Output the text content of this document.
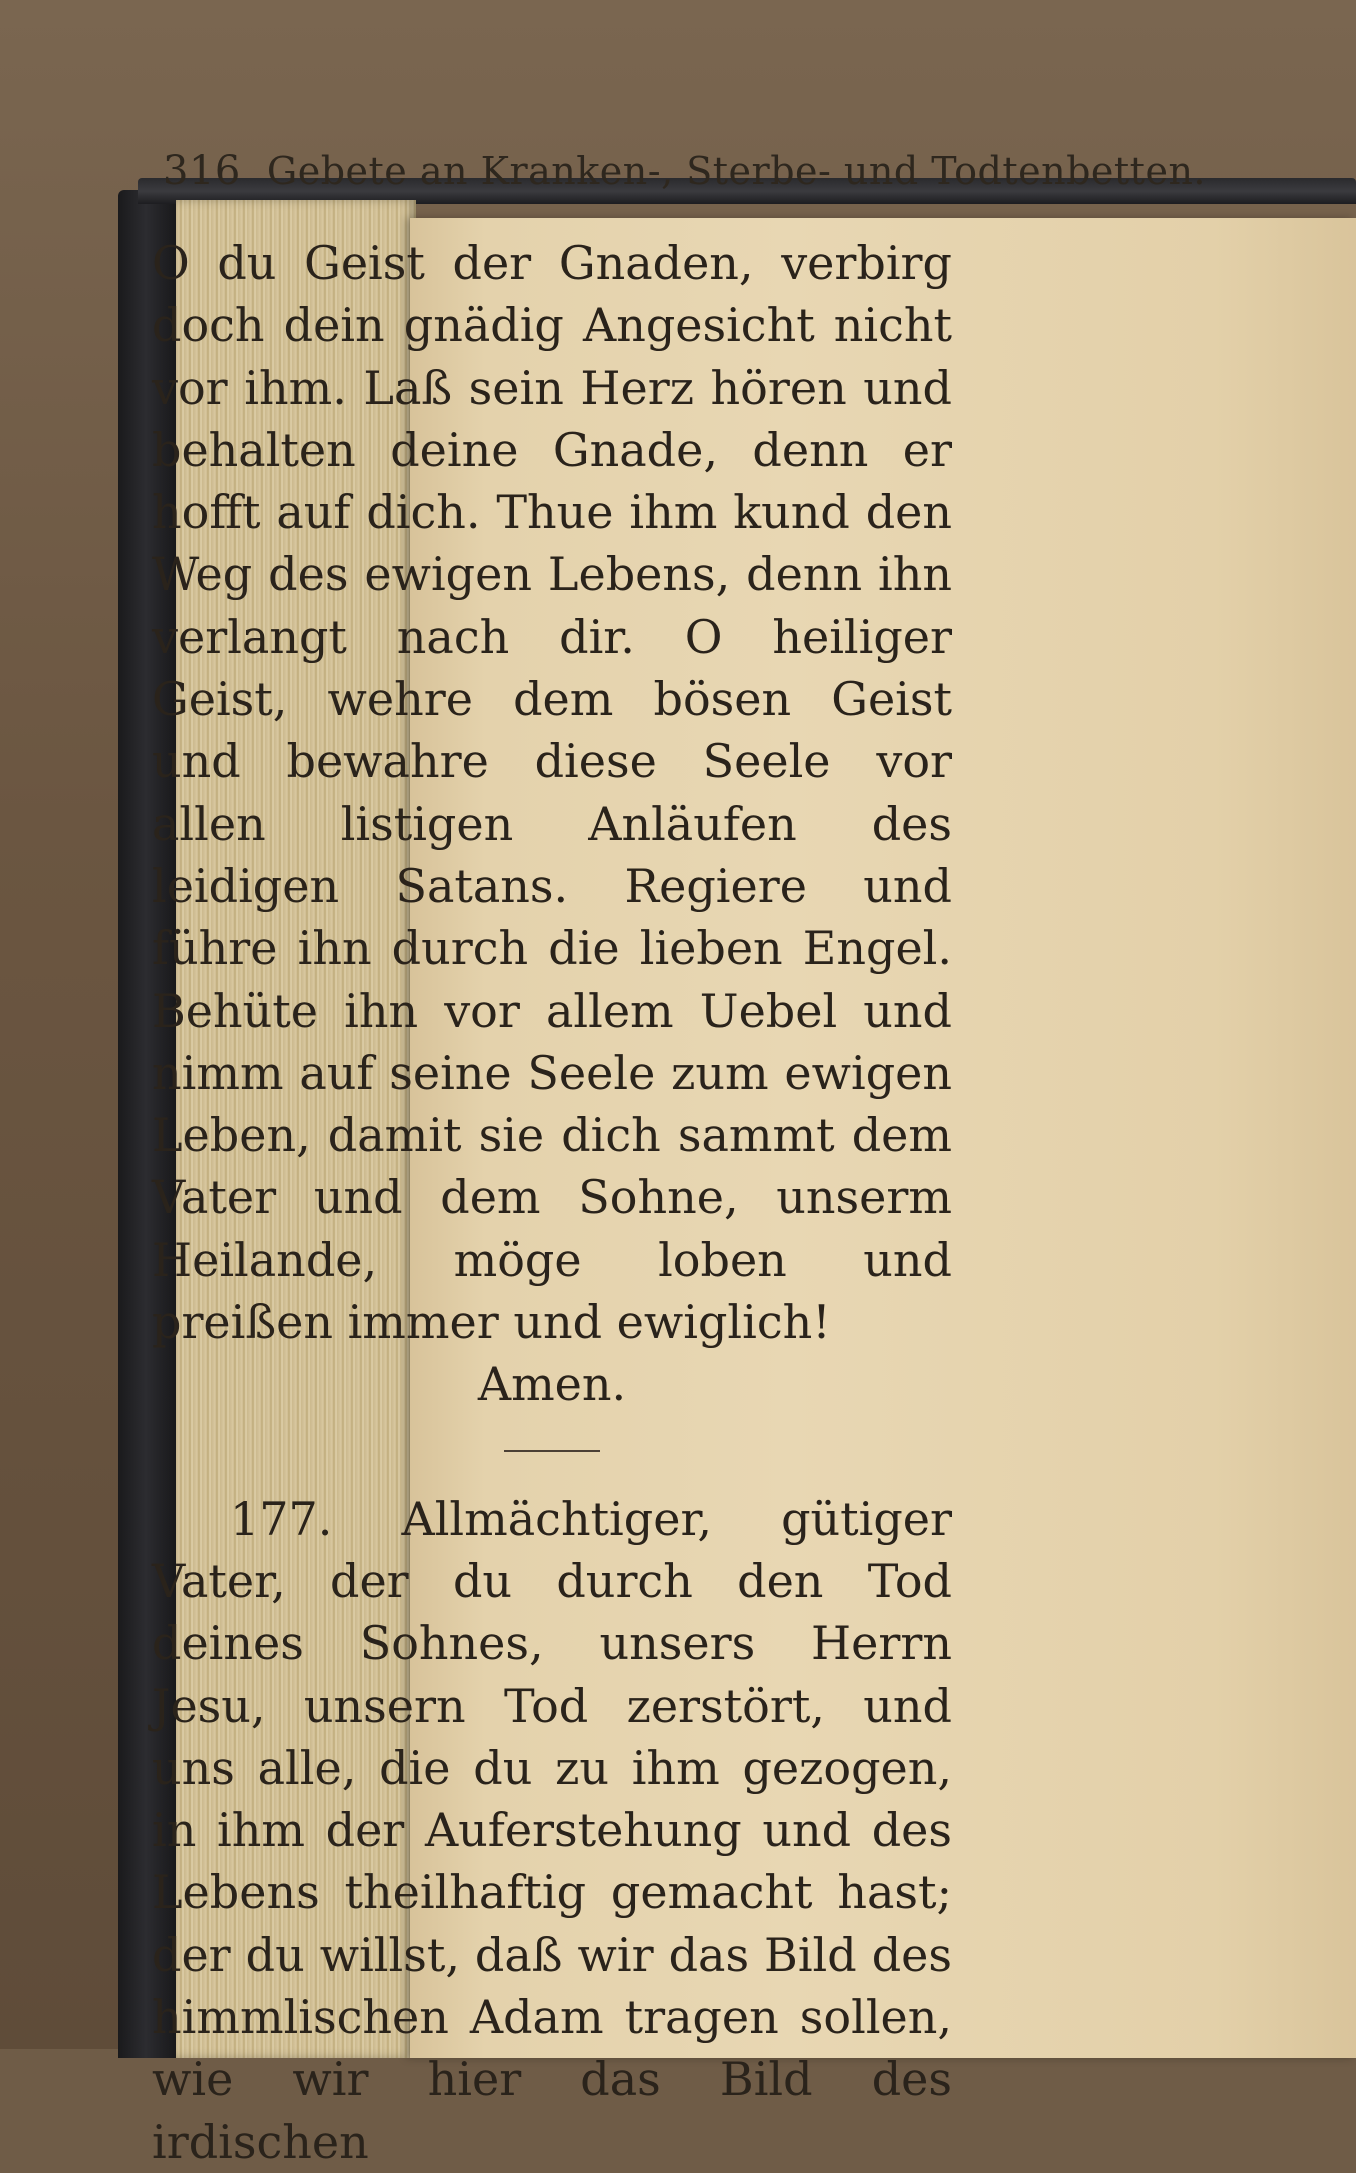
316 Gebete an Kranken-, Sterbe- und Todtenbetten.

O du Geist der Gnaden, verbirg doch dein gnädig Angesicht nicht vor ihm. Laß sein Herz hören und behalten deine Gnade, denn er hofft auf dich. Thue ihm kund den Weg des ewigen Lebens, denn ihn verlangt nach dir. O heiliger Geist, wehre dem bösen Geist und bewahre diese Seele vor allen listigen Anläufen des leidigen Satans. Regiere und führe ihn durch die lieben Engel. Behüte ihn vor allem Uebel und nimm auf seine Seele zum ewigen Leben, damit sie dich sammt dem Vater und dem Sohne, unserm Heilande, möge loben und preißen immer und ewiglich!

Amen.

177. Allmächtiger, gütiger Vater, der du durch den Tod deines Sohnes, unsers Herrn Jesu, unsern Tod zerstört, und uns alle, die du zu ihm gezogen, in ihm der Auferstehung und des Lebens theilhaftig gemacht hast; der du willst, daß wir das Bild des himmlischen Adam tragen sollen, wie wir hier das Bild des irdischen
